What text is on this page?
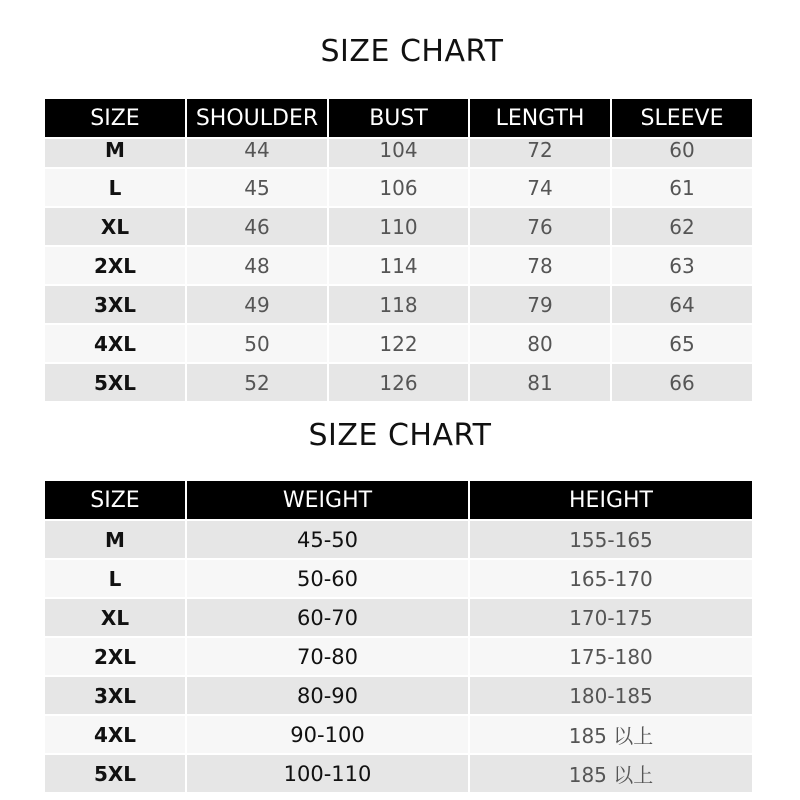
SIZE CHART
SIZE	SHOULDER	BUST	LENGTH	SLEEVE
M	44	104	72	60
L	45	106	74	61
XL	46	110	76	62
2XL	48	114	78	63
3XL	49	118	79	64
4XL	50	122	80	65
5XL	52	126	81	66
SIZE CHART
SIZE	WEIGHT	HEIGHT
M	45-50	155-165
L	50-60	165-170
XL	60-70	170-175
2XL	70-80	175-180
3XL	80-90	180-185
4XL	90-100	185 以上
5XL	100-110	185 以上
